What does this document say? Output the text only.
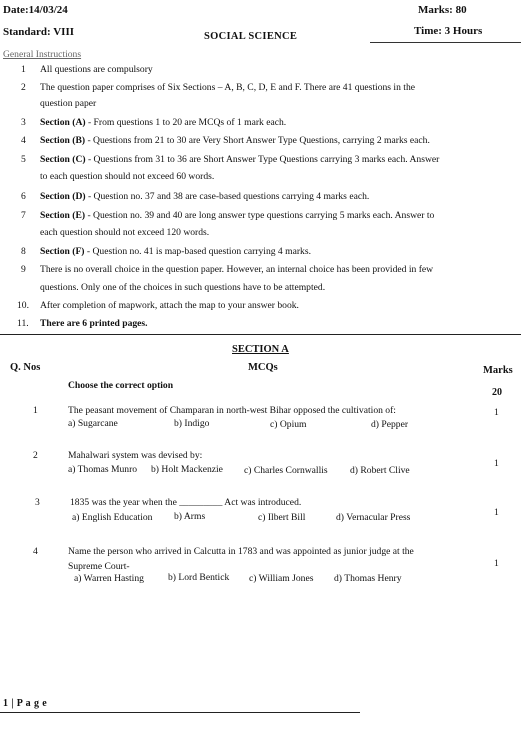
Date:14/03/24	Marks: 80
Standard: VIII	SOCIAL SCIENCE	Time: 3 Hours
General Instructions
1 All questions are compulsory
2 The question paper comprises of Six Sections – A, B, C, D, E and F. There are 41 questions in the
question paper
3 Section (A) - From questions 1 to 20 are MCQs of 1 mark each.
4 Section (B) - Questions from 21 to 30 are Very Short Answer Type Questions, carrying 2 marks each.
5 Section (C) - Questions from 31 to 36 are Short Answer Type Questions carrying 3 marks each. Answer
to each question should not exceed 60 words.
6 Section (D) - Question no. 37 and 38 are case-based questions carrying 4 marks each.
7 Section (E) - Question no. 39 and 40 are long answer type questions carrying 5 marks each. Answer to
each question should not exceed 120 words.
8 Section (F) - Question no. 41 is map-based question carrying 4 marks.
9 There is no overall choice in the question paper. However, an internal choice has been provided in few
questions. Only one of the choices in such questions have to be attempted.
10. After completion of mapwork, attach the map to your answer book.
11. There are 6 printed pages.
SECTION A
Q. Nos	MCQs	Marks
Choose the correct option
20
1	The peasant movement of Champaran in north-west Bihar opposed the cultivation of:
a) Sugarcane	b) Indigo	c) Opium	d) Pepper
1
2	Mahalwari system was devised by:
a) Thomas Munro b) Holt Mackenzie c) Charles Cornwallis d) Robert Clive
1
3	1835 was the year when the _________ Act was introduced.
a) English Education b) Arms	c) Ilbert Bill	d) Vernacular Press	1
4	Name the person who arrived in Calcutta in 1783 and was appointed as junior judge at the
Supreme Court-
a) Warren Hasting	b) Lord Bentick c) William Jones d) Thomas Henry
1
1 | P a g e
